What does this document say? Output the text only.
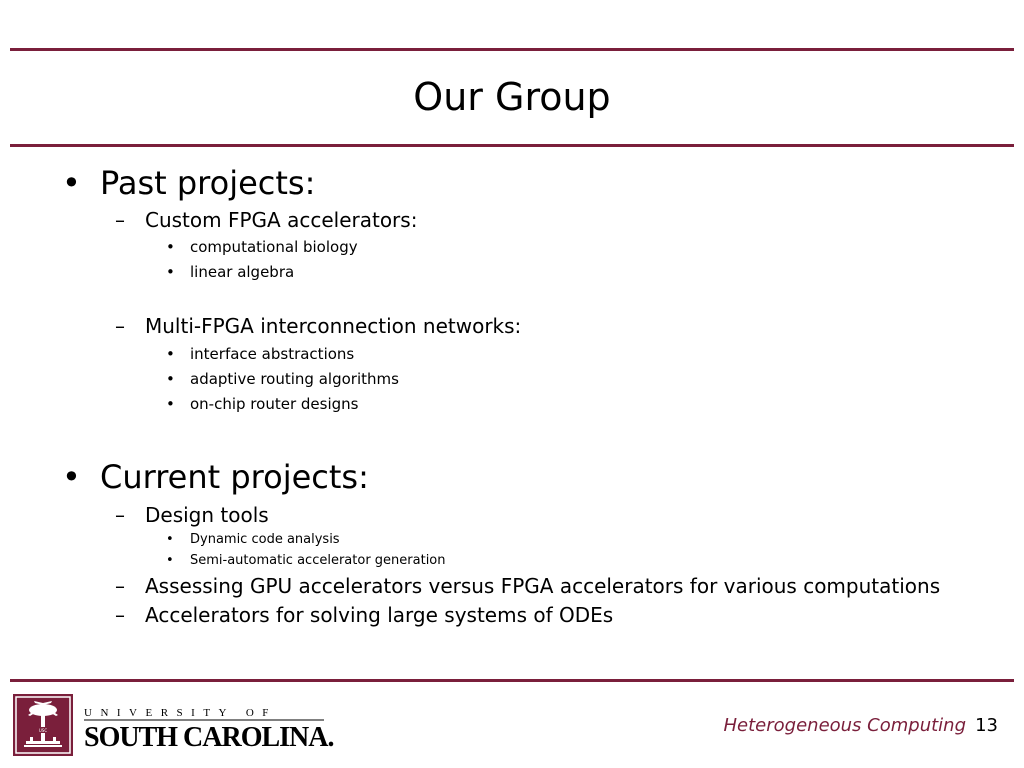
Our Group
• Past projects:
– Custom FPGA accelerators:
• computational biology
• linear algebra
– Multi-FPGA interconnection networks:
• interface abstractions
• adaptive routing algorithms
• on-chip router designs
• Current projects:
– Design tools
• Dynamic code analysis
• Semi-automatic accelerator generation
– Assessing GPU accelerators versus FPGA accelerators for various computations
– Accelerators for solving large systems of ODEs
USC
UNIVERSITY OF
SOUTH CAROLINA.	Heterogeneous Computing 13
